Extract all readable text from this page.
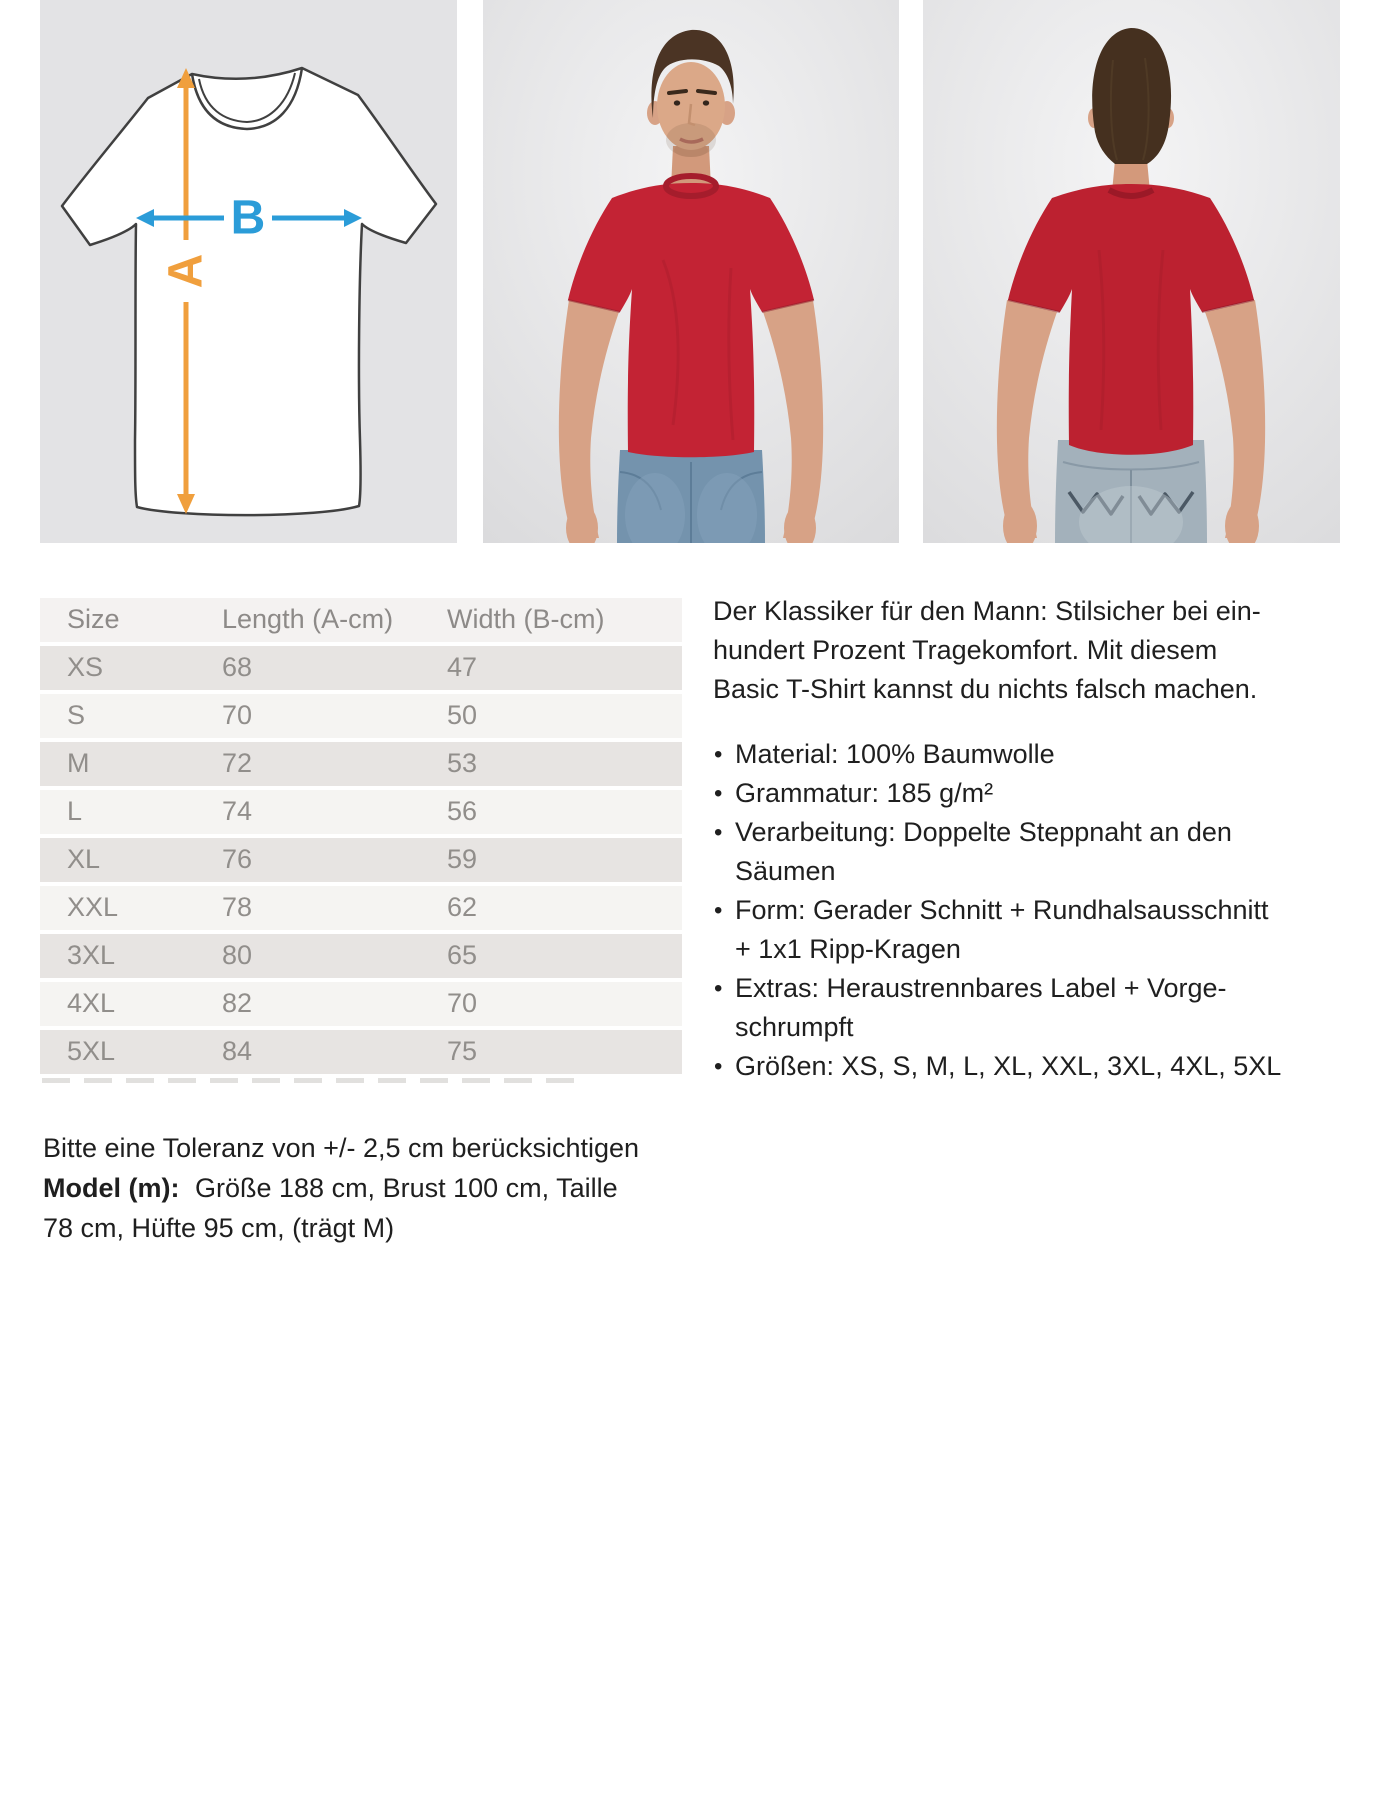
A
B
Size	Length (A-cm) Width (B-cm)
XS	68	47
S	70	50
M	72	53
L	74	56
XL	76	59
XXL	78	62
3XL	80	65
4XL	82	70
5XL	84	75
Der Klassiker für den Mann: Stilsicher bei ein-
hundert Prozent Tragekomfort. Mit diesem
Basic T-Shirt kannst du nichts falsch machen.
• Material: 100% Baumwolle
• Grammatur: 185 g/m²
• Verarbeitung: Doppelte Steppnaht an den
Säumen
• Form: Gerader Schnitt + Rundhalsausschnitt
+ 1x1 Ripp-Kragen
• Extras: Heraustrennbares Label + Vorge-
schrumpft
• Größen: XS, S, M, L, XL, XXL, 3XL, 4XL, 5XL
Bitte eine Toleranz von +/- 2,5 cm berücksichtigen
Model (m): Größe 188 cm, Brust 100 cm, Taille
78 cm, Hüfte 95 cm, (trägt M)
